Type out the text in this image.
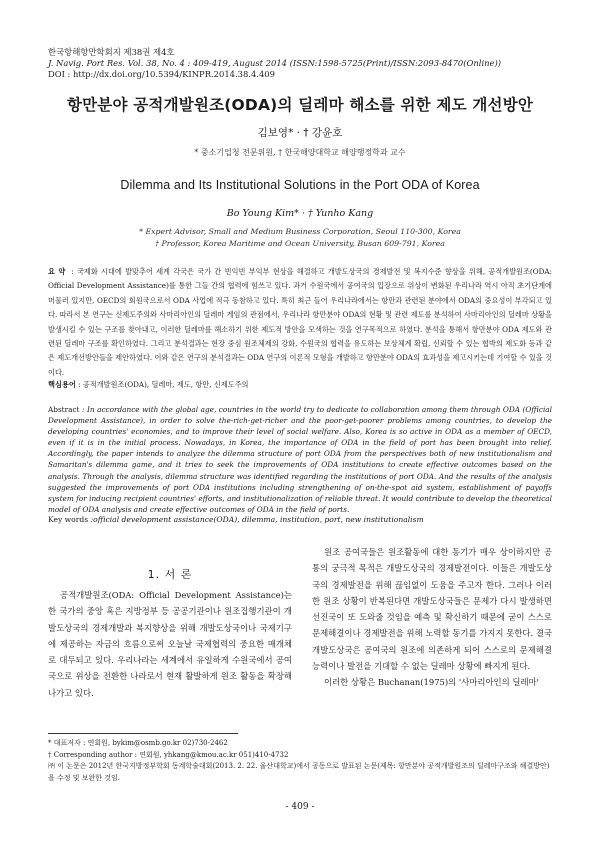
한국항해항만학회지 제38권 제4호
J. Navig. Port Res. Vol. 38, No. 4 : 409-419, August 2014 (ISSN:1598-5725(Print)/ISSN:2093-8470(Online))
DOI : http://dx.doi.org/10.5394/KINPR.2014.38.4.409
항만분야 공적개발원조(ODA)의 딜레마 해소를 위한 제도 개선방안
김보영* · † 강윤호
* 중소기업청 전문위원, † 한국해양대학교 해양행정학과 교수
Dilemma and Its Institutional Solutions in the Port ODA of Korea
Bo Young Kim* · † Yunho Kang
* Expert Advisor, Small and Medium Business Corporation, Seoul 110-300, Korea
† Professor, Korea Maritime and Ocean University, Busan 609-791, Korea
요 약 : 국제화 시대에 발맞추어 세계 각국은 국가 간 빈익빈 부익부 현상을 해결하고 개발도상국의 경제발전 및 복지수준 향상을 위해, 공적개발원조(ODA: Official Development Assistance)를 통한 그들 간의 협력에 힘쓰고 있다. 과거 수원국에서 공여국의 입장으로 위상이 변화된 우리나라 역시 아직 초기단계에 머물러 있지만, OECD의 회원국으로서 ODA 사업에 적극 동참하고 있다. 특히 최근 들어 우리나라에서는 항만과 관련된 분야에서 ODA의 중요성이 부각되고 있다. 따라서 본 연구는 신제도주의와 사마리아인의 딜레마 게임의 관점에서, 우리나라 항만분야 ODA의 현황 및 관련 제도를 분석하여 사마리아인의 딜레마 상황을 발생시킬 수 있는 구조를 찾아내고, 이러한 딜레마를 해소하기 위한 제도적 방안을 모색하는 것을 연구목적으로 하였다. 분석을 통해서 항만분야 ODA 제도와 관련된 딜레마 구조를 확인하였다. 그리고 분석결과는 현장 중심 원조체제의 강화, 수원국의 협력을 유도하는 보상체계 확립, 신뢰할 수 있는 협박의 제도화 등과 같은 제도개선방안들을 제안하였다. 이와 같은 연구의 분석결과는 ODA 연구의 이론적 모형을 개발하고 항만분야 ODA의 효과성을 제고시키는데 기여할 수 있을 것이다.
핵심용어 : 공적개발원조(ODA), 딜레마, 제도, 항만, 신제도주의
Abstract : In accordance with the global age, countries in the world try to dedicate to collaboration among them through ODA (Official Development Assistance), in order to solve the-rich-get-richer and the poor-get-poorer problems among countries, to develop the developing countries' economies, and to improve their level of social welfare. Also, Korea is so active in ODA as a member of OECD, even if it is in the initial process. Nowadays, in Korea, the importance of ODA in the field of port has been brought into relief. Accordingly, the paper intends to analyze the dilemma structure of port ODA from the perspectives both of new institutionalism and Samaritan's dilemma game, and it tries to seek the improvements of ODA institutions to create effective outcomes based on the analysis. Through the analysis, dilemma structure was identified regarding the institutions of port ODA. And the results of the analysis suggested the improvements of port ODA institutions including strengthening of on-the-spot aid system, establishment of payoffs system for inducing recipient countries' efforts, and institutionalization of reliable threat. It would contribute to develop the theoretical model of ODA analysis and create effective outcomes of ODA in the field of ports.
Key words :official development assistance(ODA), dilemma, institution, port, new institutionalism
1. 서 론

공적개발원조(ODA: Official Development Assistance)는 한 국가의 중앙 혹은 지방정부 등 공공기관이나 원조집행기관이 개발도상국의 경제개발과 복지향상을 위해 개발도상국이나 국제기구에 제공하는 자금의 흐름으로써 오늘날 국제협력의 중요한 매개체로 대두되고 있다. 우리나라는 세계에서 유일하게 수원국에서 공여국으로 위상을 전환한 나라로서 현재 활발하게 원조 활동을 확장해 나가고 있다.

원조 공여국들은 원조활동에 대한 동기가 매우 상이하지만 공통의 궁극적 목적은 개발도상국의 경제발전이다. 이들은 개발도상국의 경제발전을 위해 끊임없이 도움을 주고자 한다. 그러나 이러한 원조 상황이 반복된다면 개발도상국들은 문제가 다시 발생하면 선진국이 또 도와줄 것임을 예측 및 확신하기 때문에 굳이 스스로 문제해결이나 경제발전을 위해 노력할 동기를 가지지 못한다. 결국 개발도상국은 공여국의 원조에 의존하게 되어 스스로의 문제해결능력이나 발전을 기대할 수 없는 딜레마 상황에 빠지게 된다.

이러한 상황은 Buchanan(1975)의 '사마리아인의 딜레마'

* 대표저자 : 연회원, bykim@osmb.go.kr 02)730-2462
† Corresponding author : 연회원, yhkang@kmou.ac.kr 051)410-4732
㈜ 이 논문은 2012년 한국지방정부학회 동계학술대회(2013. 2. 22. 울산대학교)에서 공동으로 발표된 논문(제목: 항만분야 공적개발원조의 딜레마구조와 해결방안)을 수정 및 보완한 것임.
- 409 -
